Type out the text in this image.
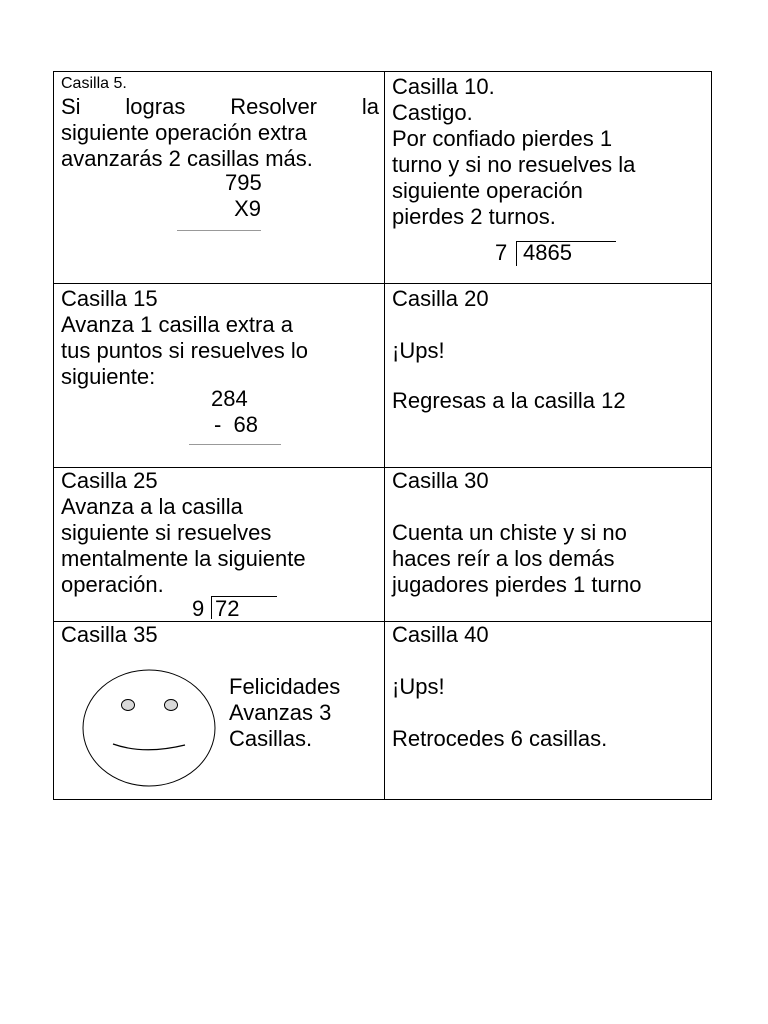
Casilla 5.

Si logras Resolver la

siguiente operación extra

avanzarás 2 casillas más.

795
X9

Casilla 10.

Castigo.

Por confiado pierdes 1

turno y si no resuelves la

siguiente operación

pierdes 2 turnos.

7 4865

Casilla 15

Avanza 1 casilla extra a

tus puntos si resuelves lo

siguiente:

284
-  68

Casilla 20

¡Ups!

Regresas a la casilla 12

Casilla 25

Avanza a la casilla

siguiente si resuelves

mentalmente la siguiente

operación.

9 72

Casilla 30

Cuenta un chiste y si no

haces reír a los demás

jugadores pierdes 1 turno

Casilla 35

Felicidades

Avanzas 3

Casillas.

Casilla 40

¡Ups!

Retrocedes 6 casillas.
